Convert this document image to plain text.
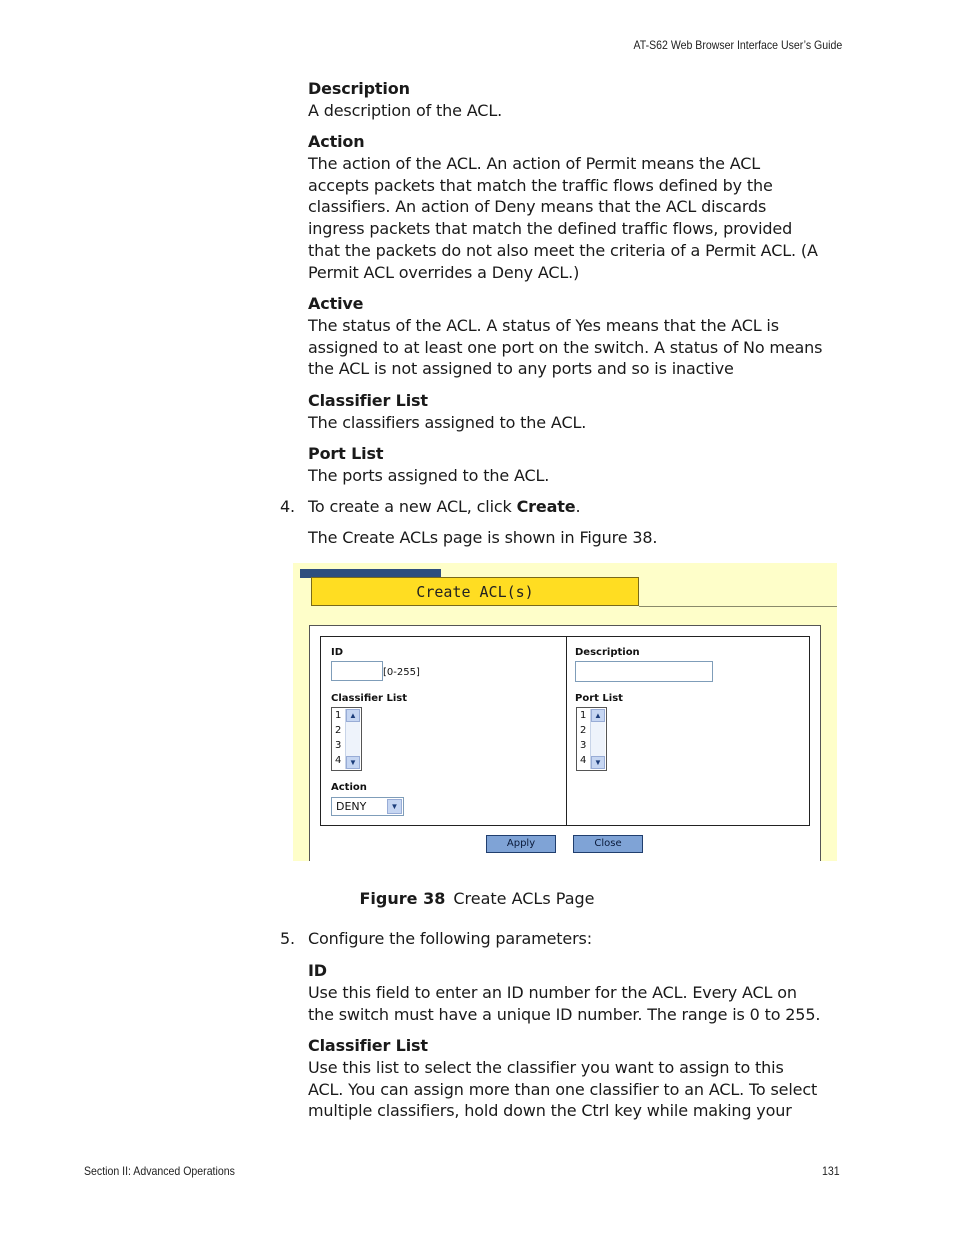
AT-S62 Web Browser Interface User’s Guide
Description
A description of the ACL.
Action
The action of the ACL. An action of Permit means the ACL accepts packets that match the traffic flows defined by the classifiers. An action of Deny means that the ACL discards ingress packets that match the defined traffic flows, provided that the packets do not also meet the criteria of a Permit ACL. (A Permit ACL overrides a Deny ACL.)
Active
The status of the ACL. A status of Yes means that the ACL is assigned to at least one port on the switch. A status of No means the ACL is not assigned to any ports and so is inactive
Classifier List
The classifiers assigned to the ACL.
Port List
The ports assigned to the ACL.
4. To create a new ACL, click Create.
The Create ACLs page is shown in Figure 38.
Create ACL(s)
ID
[0-255]
Classifier List
1
2
3
4
▲
▼
Action
DENY	▼
Description
Port List
1
2
3
4
▲
▼
Apply	Close
Figure 38 Create ACLs Page
5. Configure the following parameters:
ID
Use this field to enter an ID number for the ACL. Every ACL on the switch must have a unique ID number. The range is 0 to 255.
Classifier List
Use this list to select the classifier you want to assign to this ACL. You can assign more than one classifier to an ACL. To select multiple classifiers, hold down the Ctrl key while making your
Section II: Advanced Operations	131
